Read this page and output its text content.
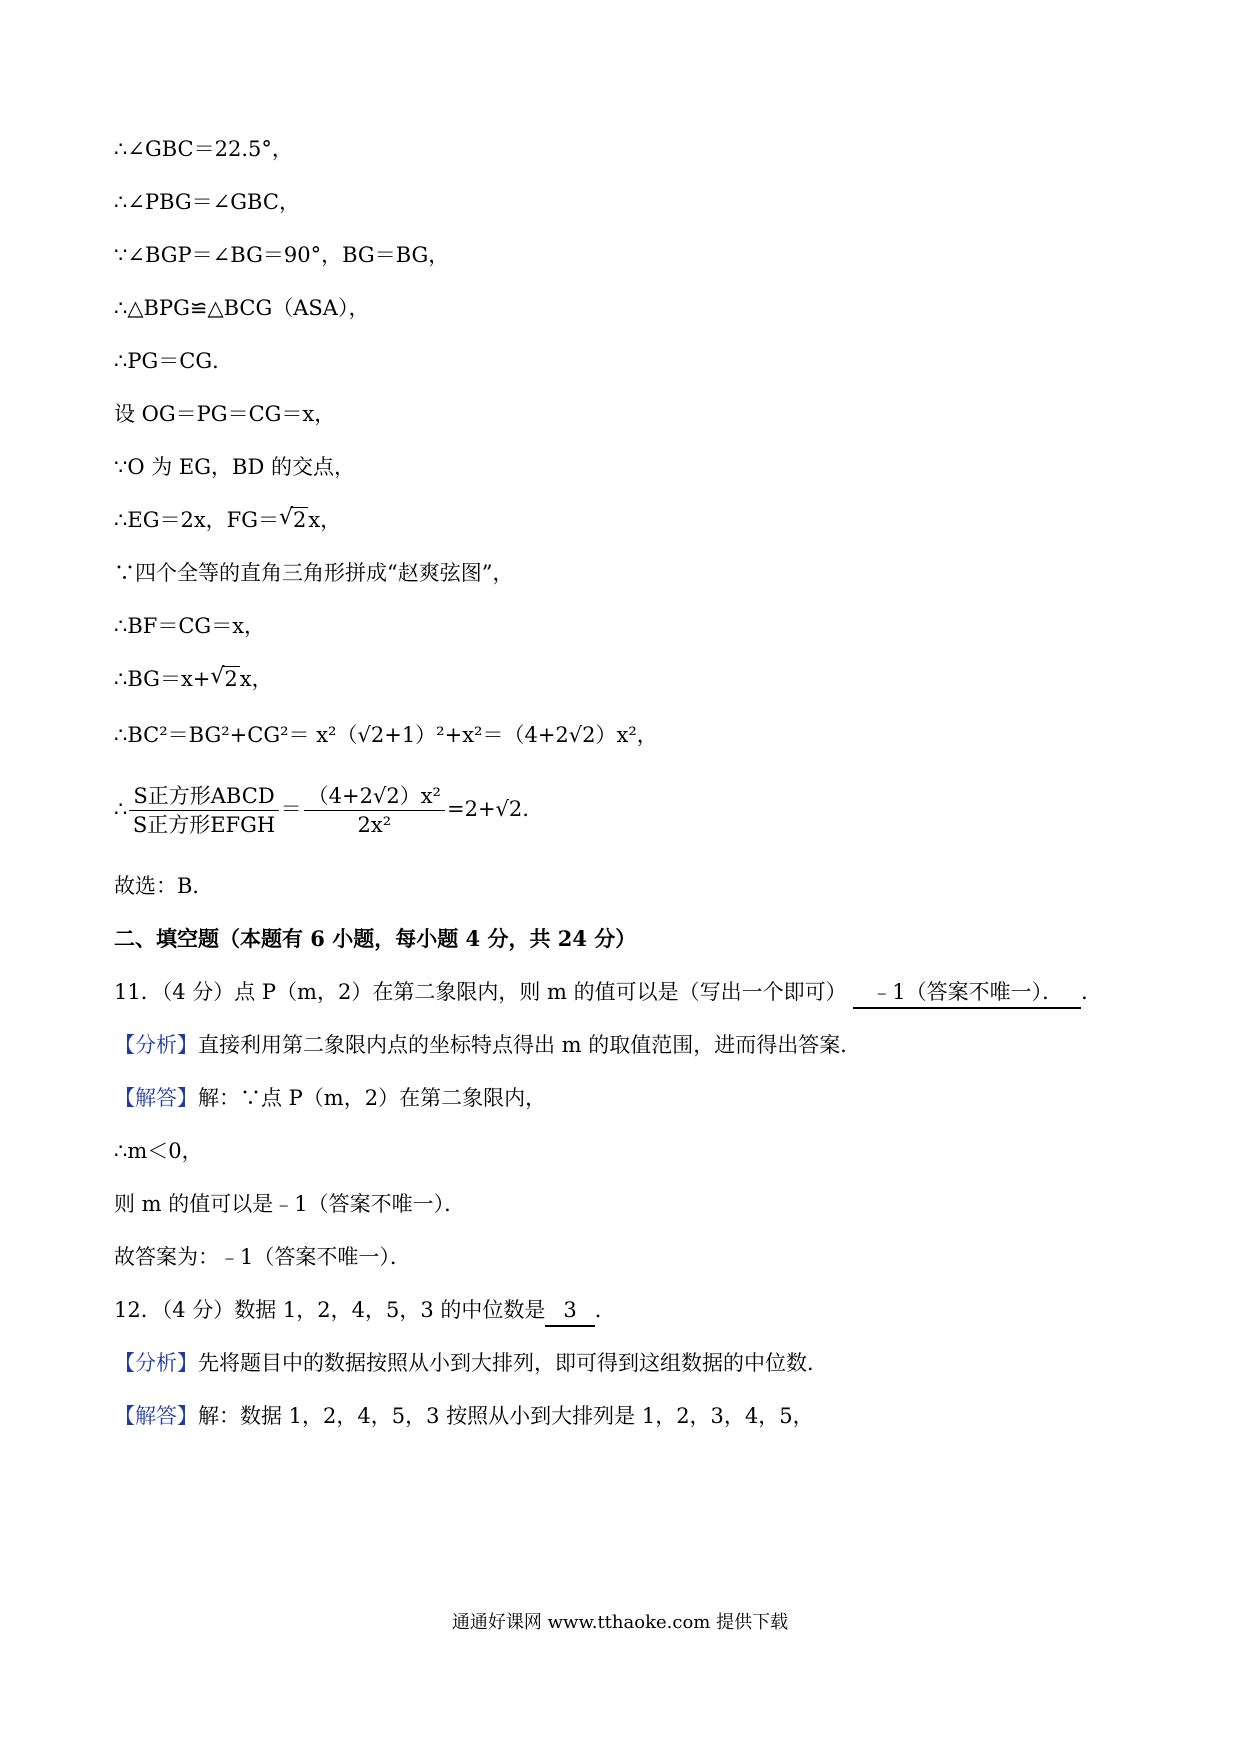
∴∠GBC＝22.5°，
∴∠PBG＝∠GBC，
∵∠BGP＝∠BG＝90°，BG＝BG，
∴△BPG≌△BCG（ASA），
∴PG＝CG．
设 OG＝PG＝CG＝x，
∵O 为 EG，BD 的交点，
∴EG＝2x，FG＝ √ 2x，
∵四个全等的直角三角形拼成“赵爽弦图”，
∴BF＝CG＝x，
∴BG＝x+ √ 2x，
∴BC²＝BG²+CG²＝ x²（√2+1）²+x²＝（4+2√2）x²，
∴ $\frac{\text{S正方形ABCD}}{\text{S正方形EFGH}} = \frac{\text{（4+2√2）x²}}{\text{2x²}} =2+√2$.
故选：B．
二、填空题（本题有 6 小题，每小题 4 分，共 24 分）
11．（4 分）点 P（m，2）在第二象限内，则 m 的值可以是（写出一个即可） ﹣1（答案不唯一）． ．
【分析】直接利用第二象限内点的坐标特点得出 m 的取值范围，进而得出答案．
【解答】解：∵点 P（m，2）在第二象限内，
∴m＜0，
则 m 的值可以是﹣1（答案不唯一）．
故答案为：﹣1（答案不唯一）．
12．（4 分）数据 1，2，4，5，3 的中位数是 3 ．
【分析】先将题目中的数据按照从小到大排列，即可得到这组数据的中位数．
【解答】解：数据 1，2，4，5，3 按照从小到大排列是 1，2，3，4，5，
通通好课网 www.tthaoke.com 提供下载
